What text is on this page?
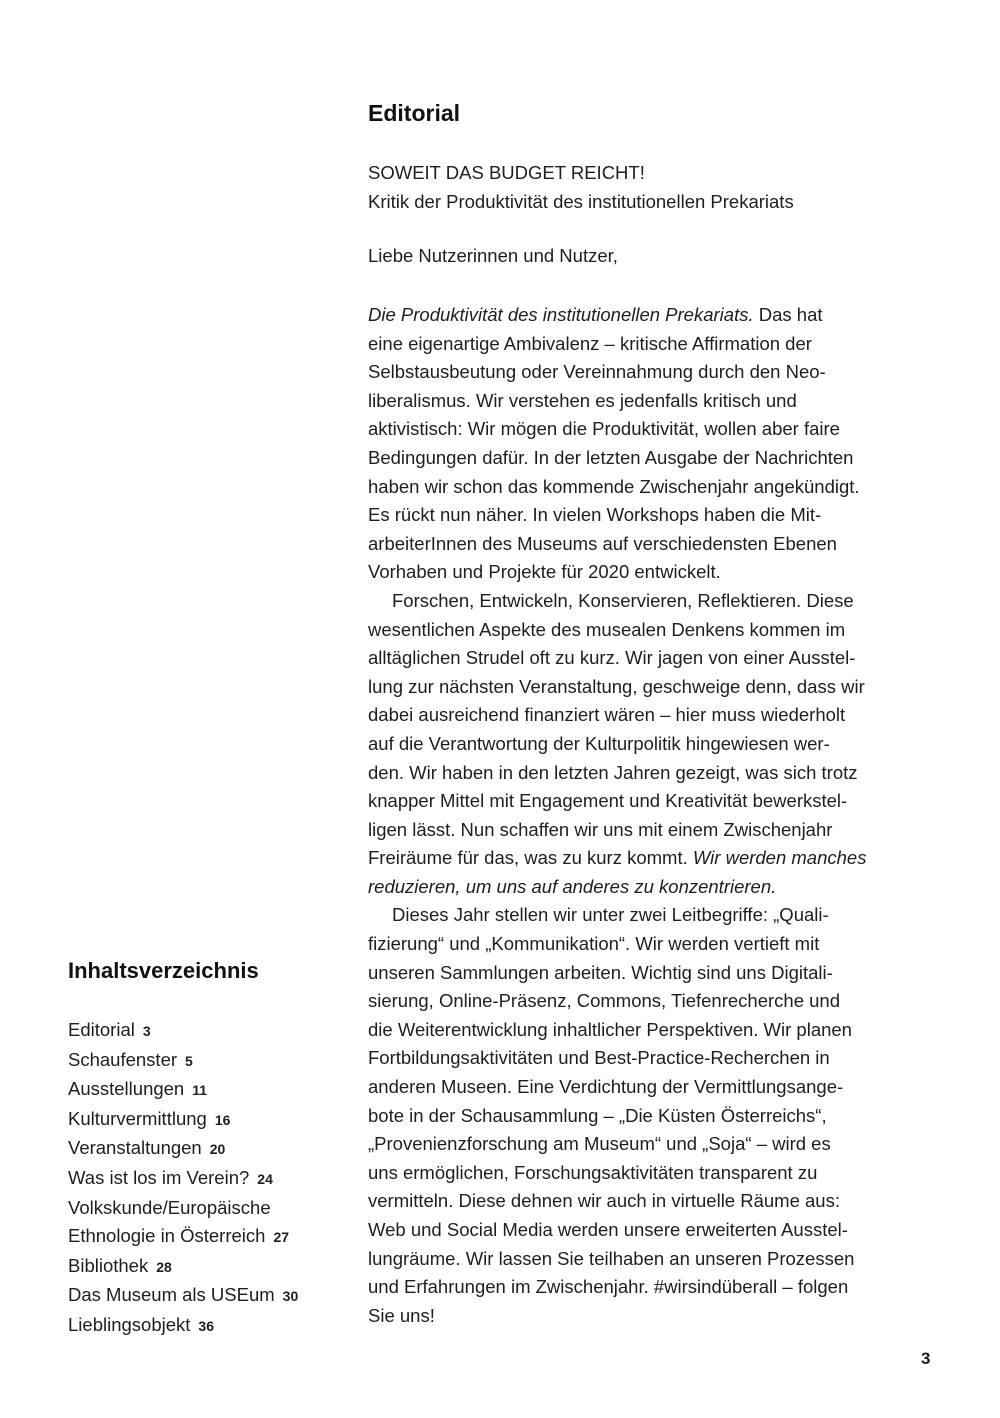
Editorial
SOWEIT DAS BUDGET REICHT!
Kritik der Produktivität des institutionellen Prekariats
Liebe Nutzerinnen und Nutzer,
Die Produktivität des institutionellen Prekariats. Das hat
eine eigenartige Ambivalenz – kritische Affirmation der
Selbstausbeutung oder Vereinnahmung durch den Neo-
liberalismus. Wir verstehen es jedenfalls kritisch und
aktivistisch: Wir mögen die Produktivität, wollen aber faire
Bedingungen dafür. In der letzten Ausgabe der Nachrichten
haben wir schon das kommende Zwischenjahr angekündigt.
Es rückt nun näher. In vielen Workshops haben die Mit-
arbeiterInnen des Museums auf verschiedensten Ebenen
Vorhaben und Projekte für 2020 entwickelt.
Forschen, Entwickeln, Konservieren, Reflektieren. Diese
wesentlichen Aspekte des musealen Denkens kommen im
alltäglichen Strudel oft zu kurz. Wir jagen von einer Ausstel-
lung zur nächsten Veranstaltung, geschweige denn, dass wir
dabei ausreichend finanziert wären – hier muss wiederholt
auf die Verantwortung der Kulturpolitik hingewiesen wer-
den. Wir haben in den letzten Jahren gezeigt, was sich trotz
knapper Mittel mit Engagement und Kreativität bewerkstel-
ligen lässt. Nun schaffen wir uns mit einem Zwischenjahr
Freiräume für das, was zu kurz kommt. Wir werden manches
reduzieren, um uns auf anderes zu konzentrieren.
Dieses Jahr stellen wir unter zwei Leitbegriffe: „Quali-
fizierung“ und „Kommunikation“. Wir werden vertieft mit
unseren Sammlungen arbeiten. Wichtig sind uns Digitali-
sierung, Online-Präsenz, Commons, Tiefenrecherche und
die Weiterentwicklung inhaltlicher Perspektiven. Wir planen
Fortbildungsaktivitäten und Best-Practice-Recherchen in
anderen Museen. Eine Verdichtung der Vermittlungsange-
bote in der Schausammlung – „Die Küsten Österreichs“,
„Provenienzforschung am Museum“ und „Soja“ – wird es
uns ermöglichen, Forschungsaktivitäten transparent zu
vermitteln. Diese dehnen wir auch in virtuelle Räume aus:
Web und Social Media werden unsere erweiterten Ausstel-
lungräume. Wir lassen Sie teilhaben an unseren Prozessen
und Erfahrungen im Zwischenjahr. #wirsindüberall – folgen
Sie uns!
Inhaltsverzeichnis
Editorial 3
Schaufenster 5
Ausstellungen 11
Kulturvermittlung 16
Veranstaltungen 20
Was ist los im Verein? 24
Volkskunde/Europäische
Ethnologie in Österreich 27
Bibliothek 28
Das Museum als USEum 30
Lieblingsobjekt 36
3
